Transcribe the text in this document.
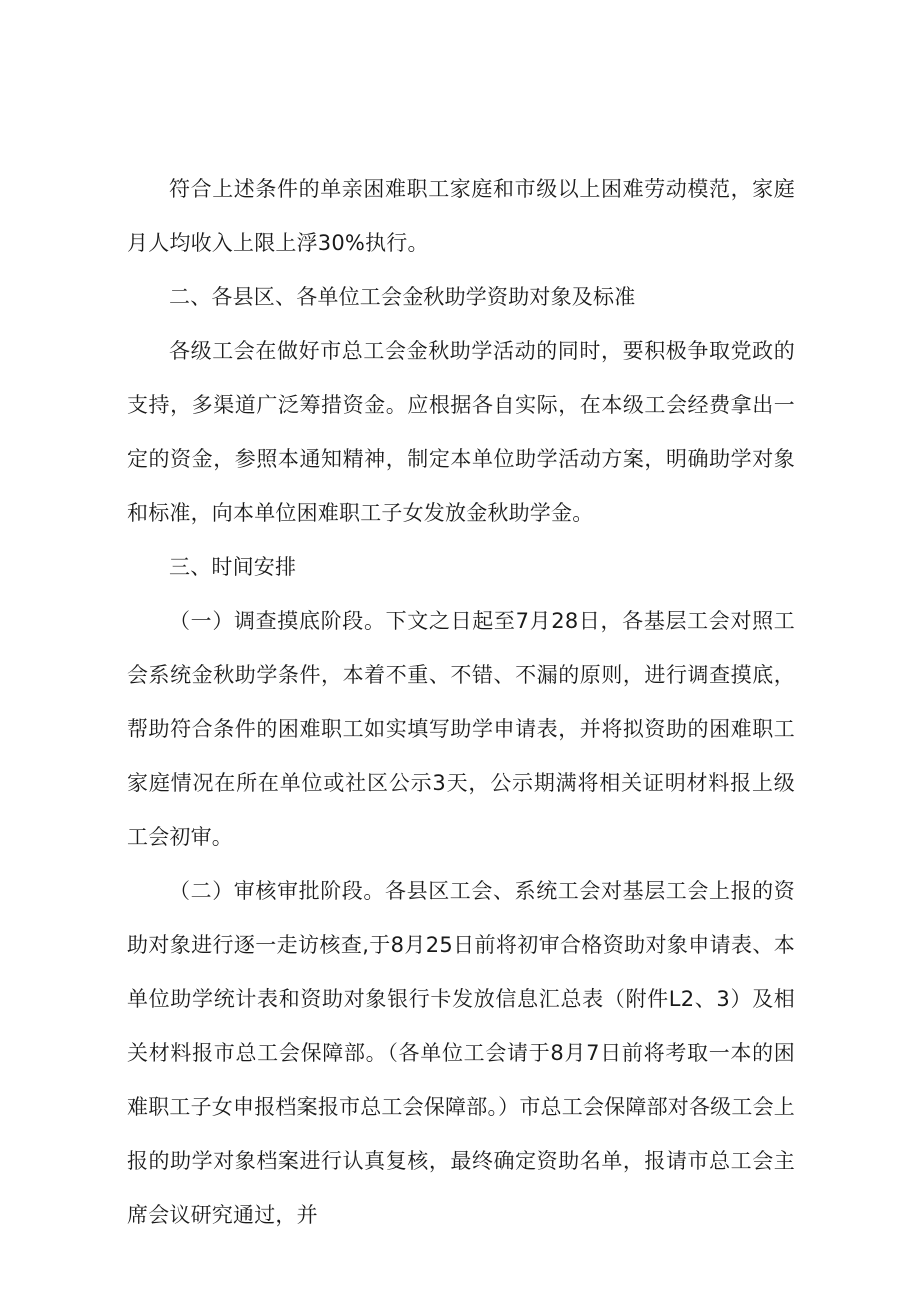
符合上述条件的单亲困难职工家庭和市级以上困难劳动模范，家庭月人均收入上限上浮30%执行。

二、各县区、各单位工会金秋助学资助对象及标准

各级工会在做好市总工会金秋助学活动的同时，要积极争取党政的支持，多渠道广泛筹措资金。应根据各自实际，在本级工会经费拿出一定的资金，参照本通知精神，制定本单位助学活动方案，明确助学对象和标准，向本单位困难职工子女发放金秋助学金。

三、时间安排

（一）调查摸底阶段。下文之日起至7月28日，各基层工会对照工会系统金秋助学条件，本着不重、不错、不漏的原则，进行调查摸底，帮助符合条件的困难职工如实填写助学申请表，并将拟资助的困难职工家庭情况在所在单位或社区公示3天，公示期满将相关证明材料报上级工会初审。

（二）审核审批阶段。各县区工会、系统工会对基层工会上报的资助对象进行逐一走访核查,于8月25日前将初审合格资助对象申请表、本单位助学统计表和资助对象银行卡发放信息汇总表（附件L2、3）及相关材料报市总工会保障部。（各单位工会请于8月7日前将考取一本的困难职工子女申报档案报市总工会保障部。）市总工会保障部对各级工会上报的助学对象档案进行认真复核，最终确定资助名单，报请市总工会主席会议研究通过，并
